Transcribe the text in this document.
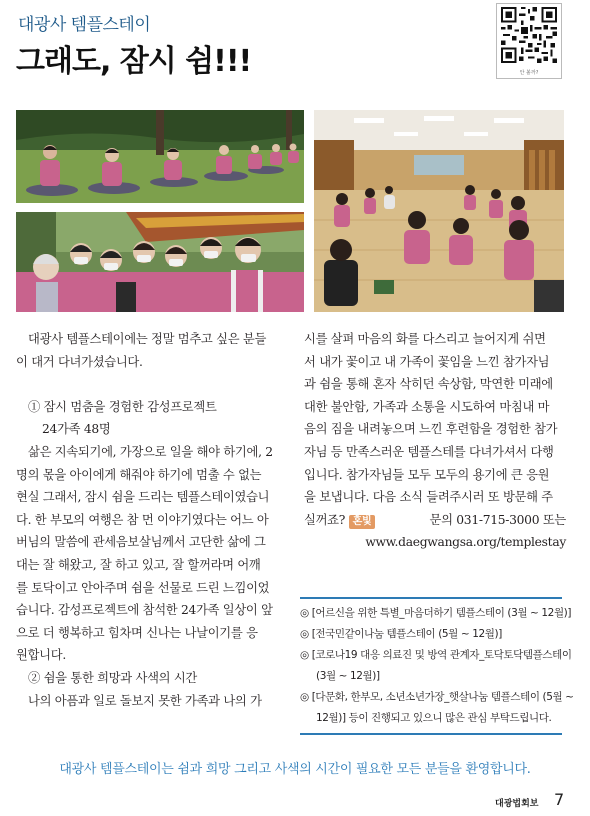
대광사 템플스테이
그래도, 잠시 쉼!!!	안 볼까?

대광사 템플스테이에는 정말 멈추고 싶은 분들

이 대거 다녀가셨습니다.

① 잠시 멈춤을 경험한 감성프로젝트

24가족 48명

삶은 지속되기에, 가장으로 일을 해야 하기에, 2

명의 몫을 아이에게 해줘야 하기에 멈출 수 없는

현실 그래서, 잠시 쉼을 드리는 템플스테이였습니

다. 한 부모의 여행은 참 먼 이야기였다는 어느 아

버님의 말씀에 관세음보살님께서 고단한 삶에 그

대는 잘 해왔고, 잘 하고 있고, 잘 할꺼라며 어깨

를 토닥이고 안아주며 쉼을 선물로 드린 느낌이었

습니다. 감성프로젝트에 참석한 24가족 일상이 앞

으로 더 행복하고 힘차며 신나는 나날이기를 응

원합니다.

② 쉼을 통한 희망과 사색의 시간

나의 아픔과 일로 돌보지 못한 가족과 나의 가

시를 살펴 마음의 화를 다스리고 늘어지게 쉬면

서 내가 꽃이고 내 가족이 꽃임을 느낀 참가자님

과 쉼을 통해 혼자 삭히던 속상함, 막연한 미래에

대한 불안함, 가족과 소통을 시도하여 마침내 마

음의 짐을 내려놓으며 느낀 후련함을 경험한 참가

자님 등 만족스러운 템플스테를 다녀가셔서 다행

입니다. 참가자님들 모두 모두의 용기에 큰 응원

을 보냅니다. 다음 소식 들려주시러 또 방문해 주

실꺼죠? 혼빛	문의 031-715-3000 또는

www.daegwangsa.org/templestay

◎ [어르신을 위한 특별_마음더하기 템플스테이 (3월 ~ 12월)]
◎ [전국민같이나눔 템플스테이 (5월 ~ 12월)]
◎ [코로나19 대응 의료진 및 방역 관계자_토닥토닥템플스테이
(3월 ~ 12월)]
◎ [다문화, 한부모, 소년소년가장_햇살나눔 템플스테이 (5월 ~
12월)] 등이 진행되고 있으니 많은 관심 부탁드립니다.
대광사 템플스테이는 쉼과 희망 그리고 사색의 시간이 필요한 모든 분들을 환영합니다.
대광법회보 7
